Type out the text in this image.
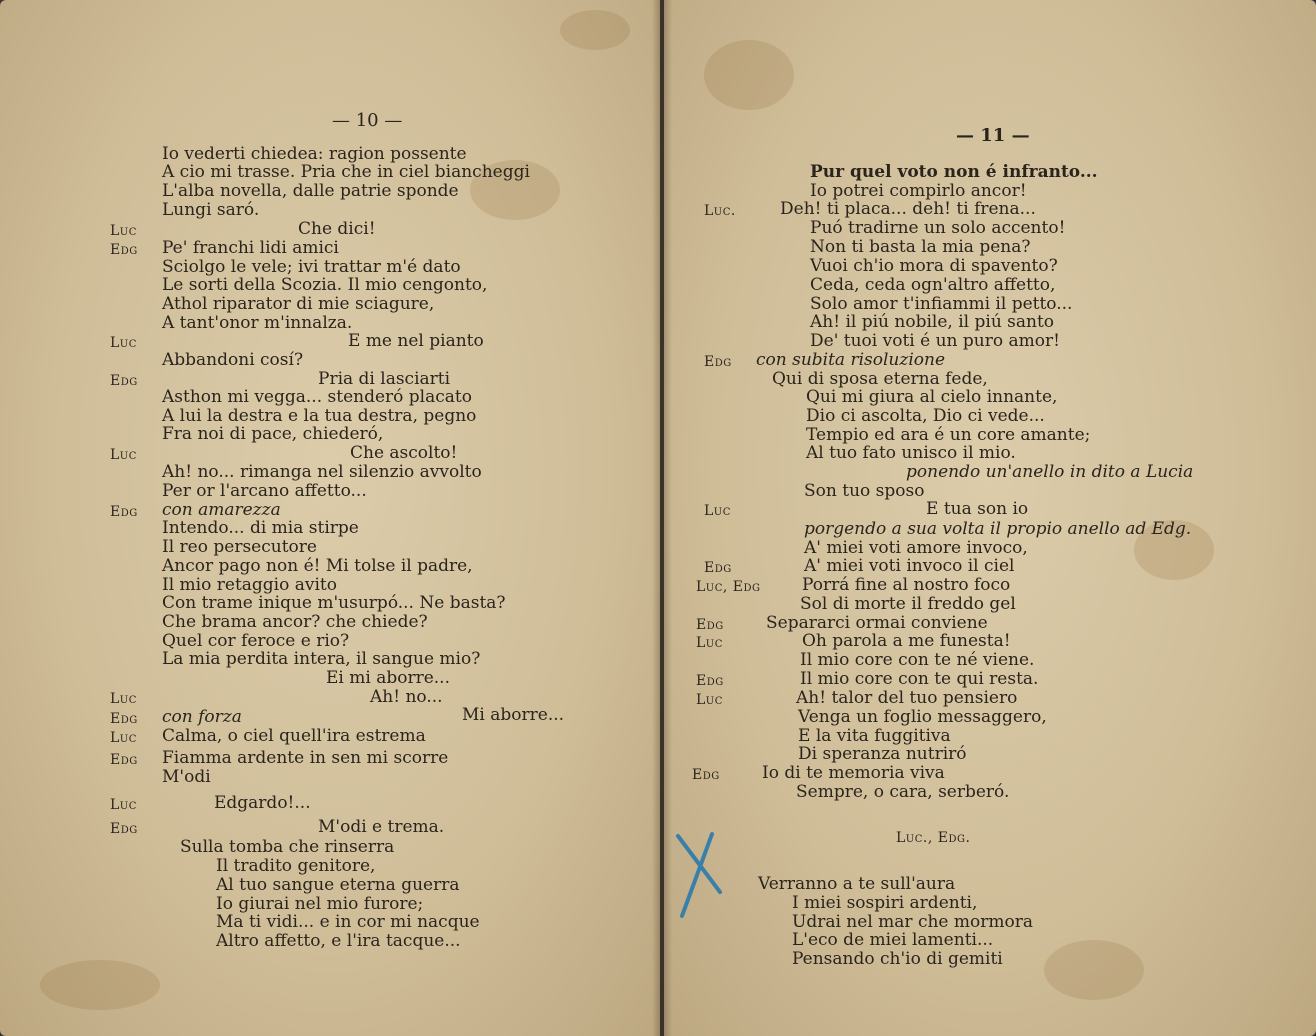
— 10 —
Io vederti chiedea: ragion possente
A cio mi trasse. Pria che in ciel biancheggi
L'alba novella, dalle patrie sponde
Lungi saró.
Luc	Che dici!
Edg Pe' franchi lidi amici
Sciolgo le vele; ivi trattar m'é dato
Le sorti della Scozia. Il mio cengonto,
Athol riparator di mie sciagure,
A tant'onor m'innalza.
Luc	E me nel pianto
Abbandoni cosí?
Edg	Pria di lasciarti
Asthon mi vegga... stenderó placato
A lui la destra e la tua destra, pegno
Fra noi di pace, chiederó,
Luc	Che ascolto!
Ah! no... rimanga nel silenzio avvolto
Per or l'arcano affetto...
Edg con amarezza
Intendo... di mia stirpe
Il reo persecutore
Ancor pago non é! Mi tolse il padre,
Il mio retaggio avito
Con trame inique m'usurpó... Ne basta?
Che brama ancor? che chiede?
Quel cor feroce e rio?
La mia perdita intera, il sangue mio?
Ei mi aborre...
Luc	Ah! no...
Edg con forza	Mi aborre...
Luc Calma, o ciel quell'ira estrema
Edg Fiamma ardente in sen mi scorre
M'odi
Luc	Edgardo!...
Edg	M'odi e trema.
Sulla tomba che rinserra
Il tradito genitore,
Al tuo sangue eterna guerra
Io giurai nel mio furore;
Ma ti vidi... e in cor mi nacque
Altro affetto, e l'ira tacque...
— 11 —
Pur quel voto non é infranto...
Io potrei compirlo ancor!
Luc.	Deh! ti placa... deh! ti frena...
Puó tradirne un solo accento!
Non ti basta la mia pena?
Vuoi ch'io mora di spavento?
Ceda, ceda ogn'altro affetto,
Solo amor t'infiammi il petto...
Ah! il piú nobile, il piú santo
De' tuoi voti é un puro amor!
Edg con subita risoluzione
Qui di sposa eterna fede,
Qui mi giura al cielo innante,
Dio ci ascolta, Dio ci vede...
Tempio ed ara é un core amante;
Al tuo fato unisco il mio.
ponendo un'anello in dito a Lucia
Son tuo sposo
Luc	E tua son io
porgendo a sua volta il propio anello ad Edg.
A' miei voti amore invoco,
Edg	A' miei voti invoco il ciel
Luc, Edg Porrá fine al nostro foco
Sol di morte il freddo gel
Edg Separarci ormai conviene
Luc	Oh parola a me funesta!
Il mio core con te né viene.
Edg	Il mio core con te qui resta.
Luc	Ah! talor del tuo pensiero
Venga un foglio messaggero,
E la vita fuggitiva
Di speranza nutriró
Edg Io di te memoria viva
Sempre, o cara, serberó.
Luc., Edg.
Verranno a te sull'aura
I miei sospiri ardenti,
Udrai nel mar che mormora
L'eco de miei lamenti...
Pensando ch'io di gemiti
